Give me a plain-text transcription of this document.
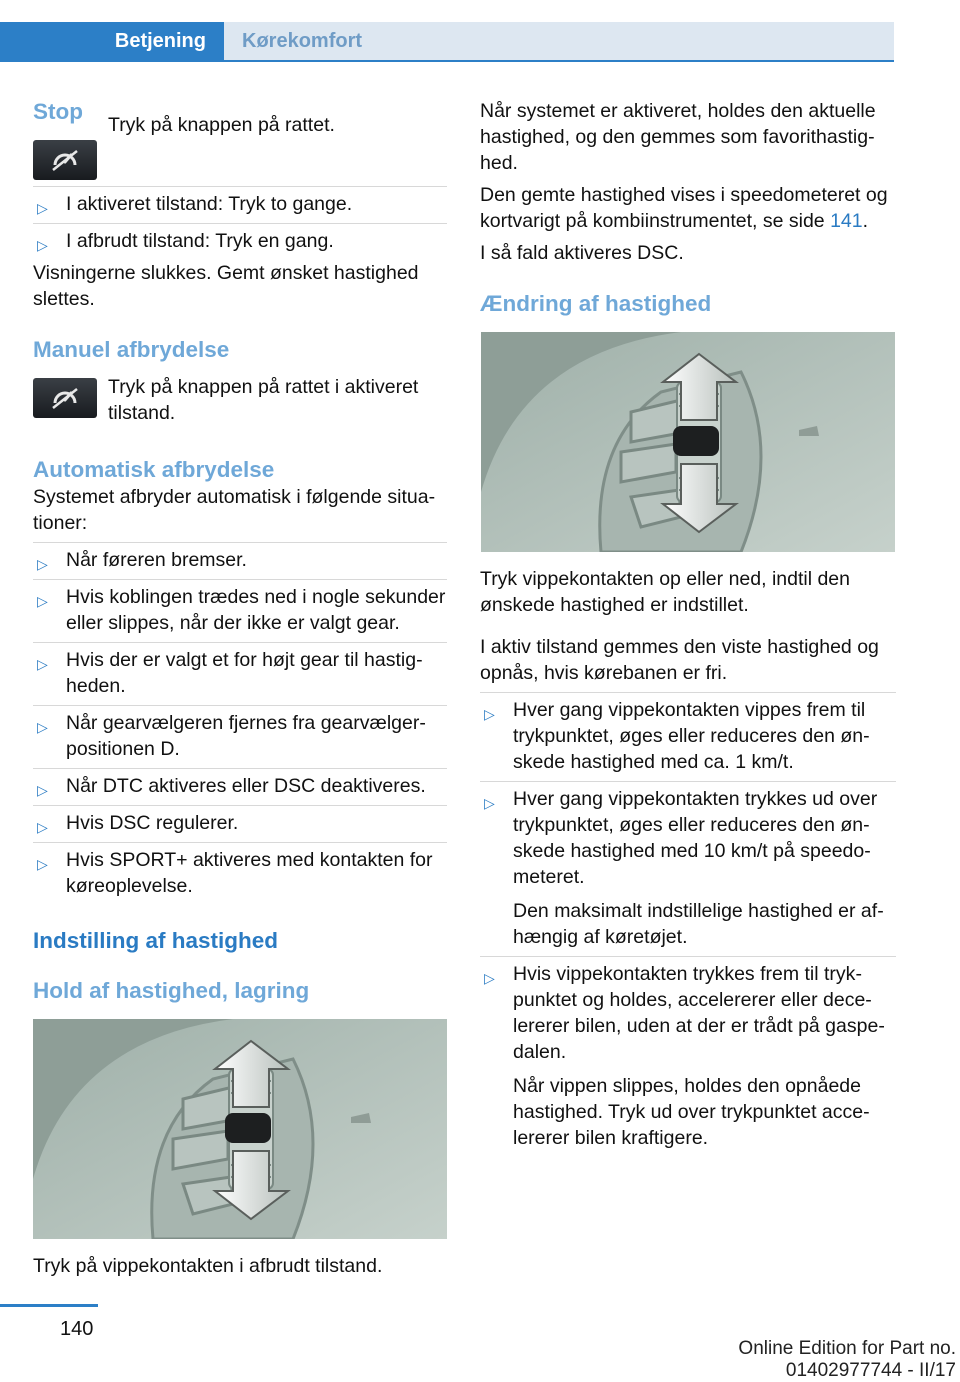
Betjening	Kørekomfort
Stop

Tryk på knappen på rattet.

▷ I aktiveret tilstand: Tryk to gange.
▷ I afbrudt tilstand: Tryk en gang.

Visningerne slukkes. Gemt ønsket hastighed slettes.

Manuel afbrydelse

Tryk på knappen på rattet i aktiveret tilstand.

Automatisk afbrydelse

Systemet afbryder automatisk i følgende situationer:

▷ Når føreren bremser.
▷ Hvis koblingen trædes ned i nogle sekunder eller slippes, når der ikke er valgt gear.
▷ Hvis der er valgt et for højt gear til hastigheden.
▷ Når gearvælgeren fjernes fra gearvælgerpositionen D.
▷ Når DTC aktiveres eller DSC deaktiveres.
▷ Hvis DSC regulerer.
▷ Hvis SPORT+ aktiveres med kontakten for køreoplevelse.
Indstilling af hastighed
Hold af hastighed, lagring

Tryk på vippekontakten i afbrudt tilstand.

Når systemet er aktiveret, holdes den aktuelle hastighed, og den gemmes som favorithastighed.

Den gemte hastighed vises i speedometeret og kortvarigt på kombiinstrumentet, se side 141.

I så fald aktiveres DSC.

Ændring af hastighed

Tryk vippekontakten op eller ned, indtil den ønskede hastighed er indstillet.

I aktiv tilstand gemmes den viste hastighed og opnås, hvis kørebanen er fri.

▷ Hver gang vippekontakten vippes frem til trykpunktet, øges eller reduceres den ønskede hastighed med ca. 1 km/t.
▷ Hver gang vippekontakten trykkes ud over trykpunktet, øges eller reduceres den ønskede hastighed med 10 km/t på speedometeret.

Den maksimalt indstillelige hastighed er afhængig af køretøjet.

▷ Hvis vippekontakten trykkes frem til trykpunktet og holdes, accelererer eller decelererer bilen, uden at der er trådt på gaspedalen.

Når vippen slippes, holdes den opnåede hastighed. Tryk ud over trykpunktet accelererer bilen kraftigere.

140
Online Edition for Part no. 01402977744 - II/17
